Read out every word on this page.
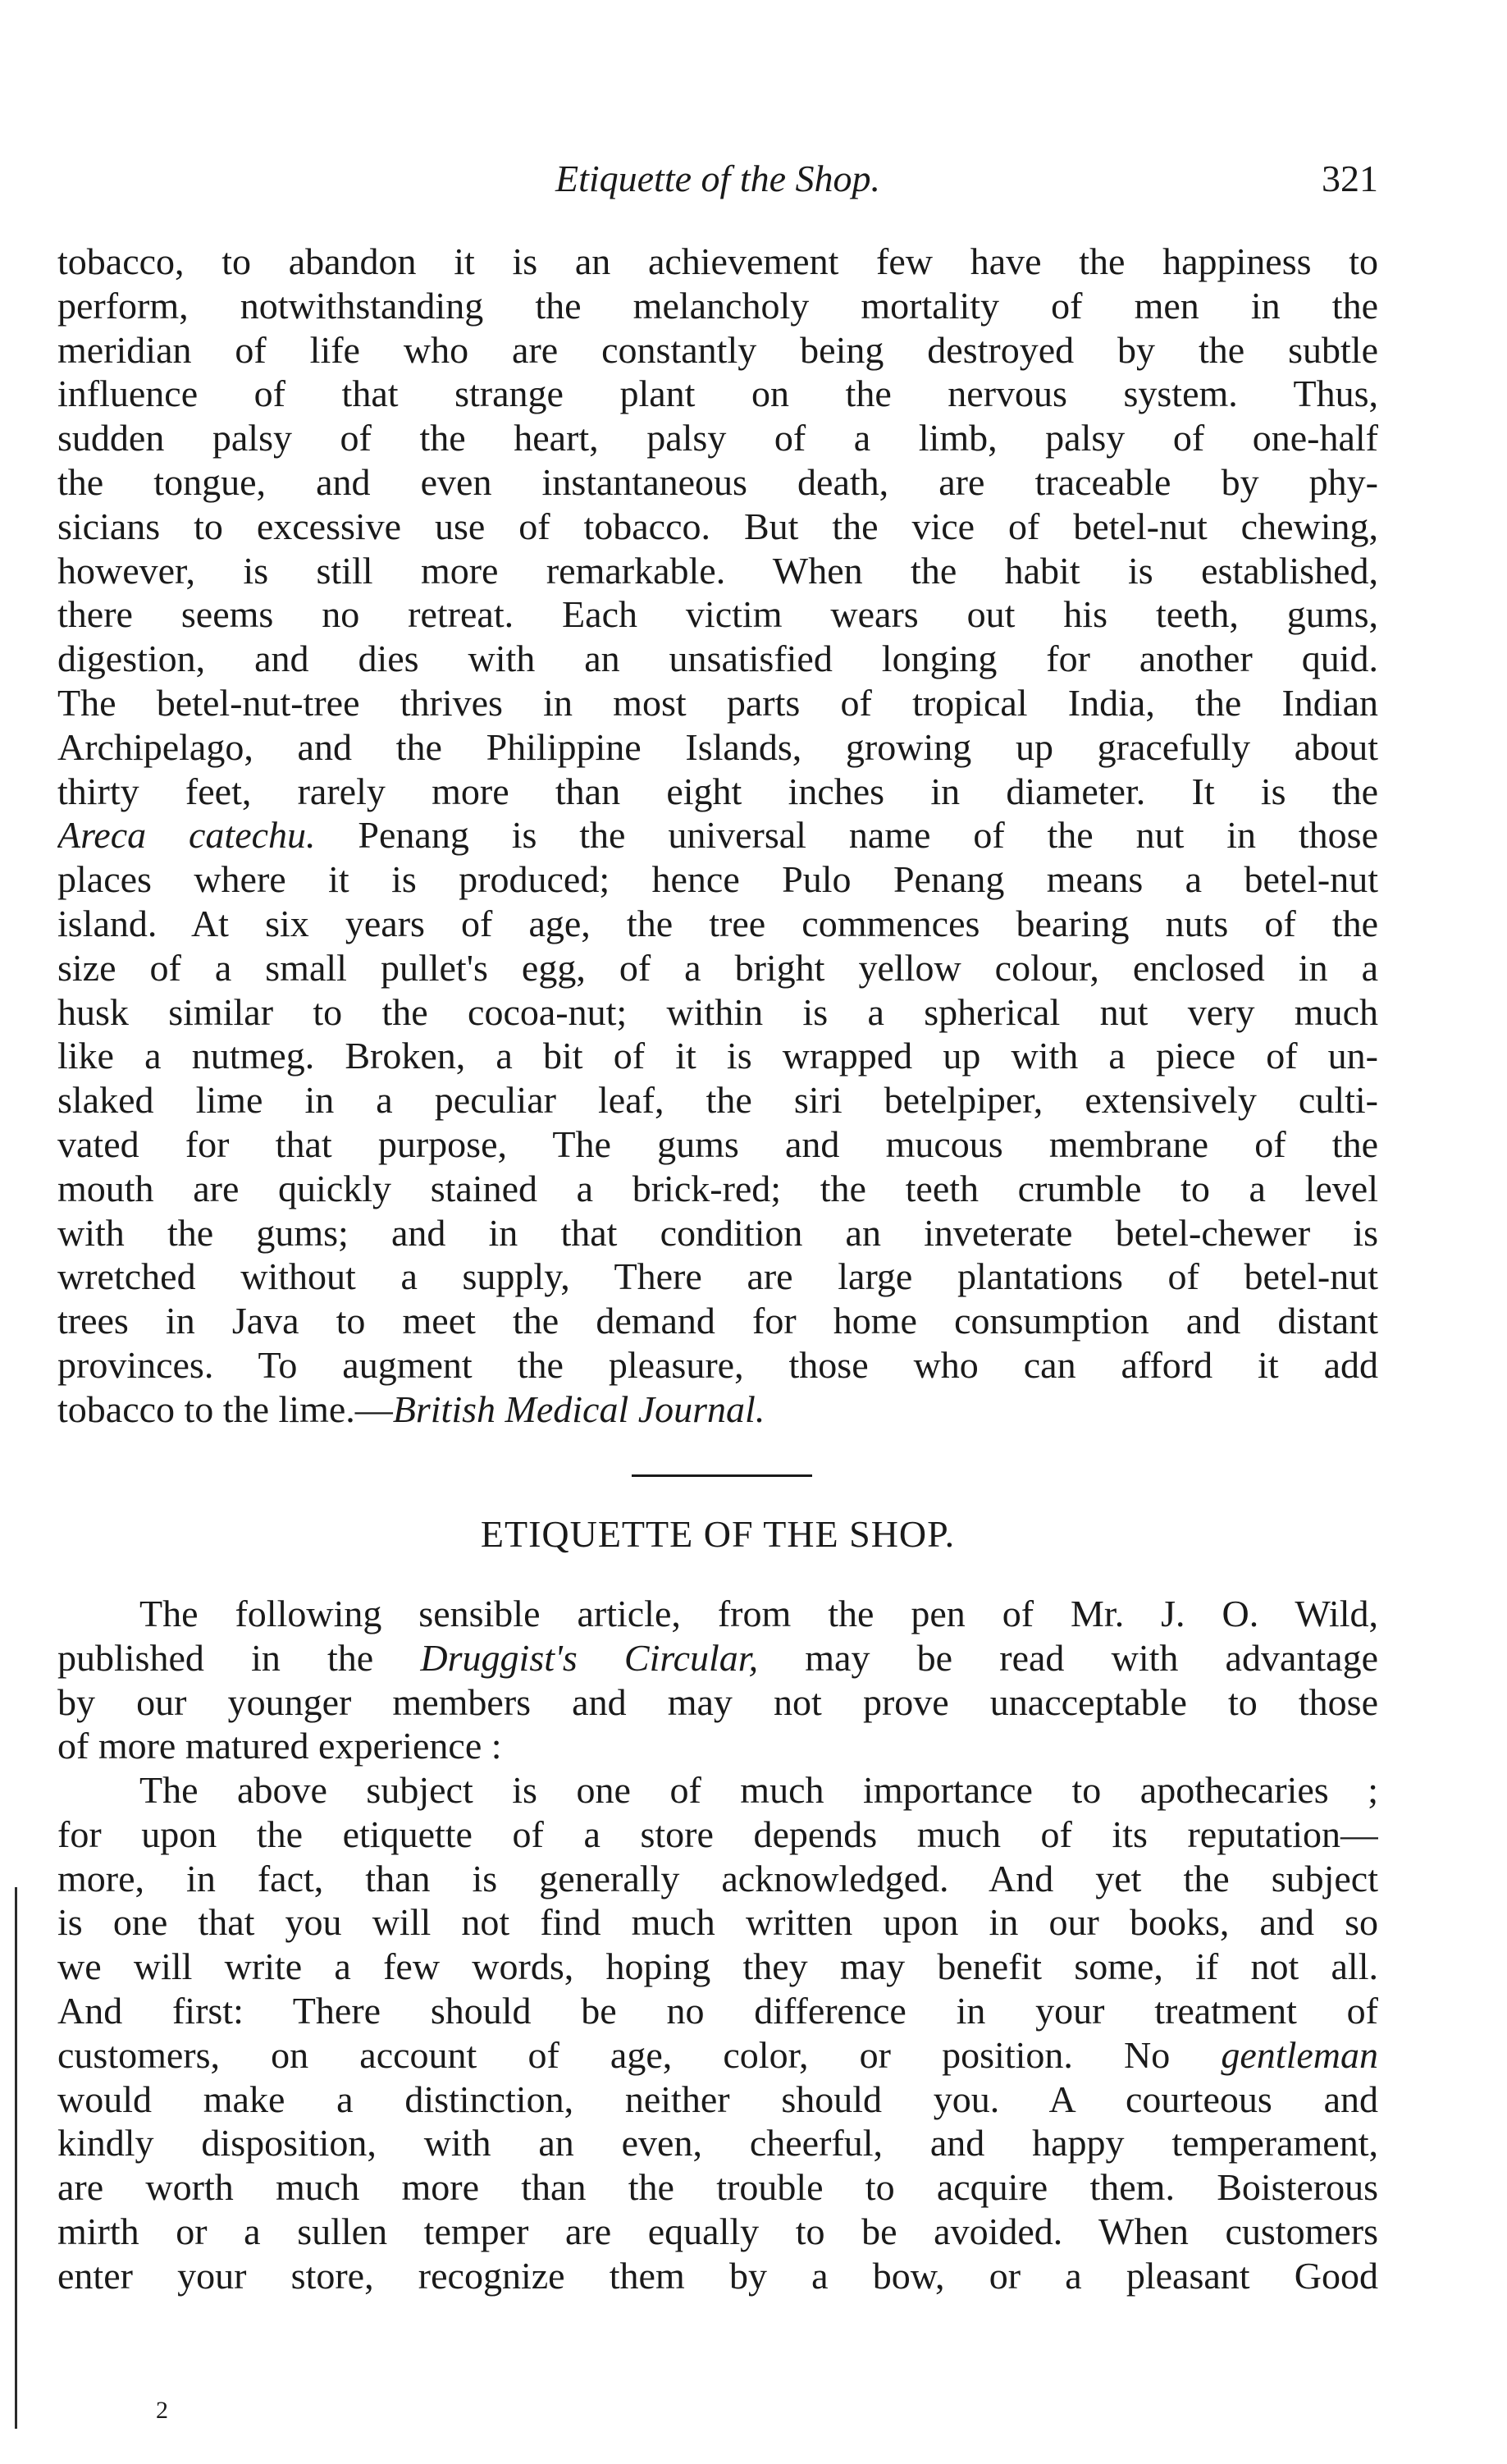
Etiquette of the Shop.	321
tobacco, to abandon it is an achievement few have the happiness to
perform, notwithstanding the melancholy mortality of men in the
meridian of life who are constantly being destroyed by the subtle
influence of that strange plant on the nervous system. Thus,
sudden palsy of the heart, palsy of a limb, palsy of one-half
the tongue, and even instantaneous death, are traceable by phy-
sicians to excessive use of tobacco. But the vice of betel-nut chewing,
however, is still more remarkable. When the habit is established,
there seems no retreat. Each victim wears out his teeth, gums,
digestion, and dies with an unsatisfied longing for another quid.
The betel-nut-tree thrives in most parts of tropical India, the Indian
Archipelago, and the Philippine Islands, growing up gracefully about
thirty feet, rarely more than eight inches in diameter. It is the
Areca catechu. Penang is the universal name of the nut in those
places where it is produced; hence Pulo Penang means a betel-nut
island. At six years of age, the tree commences bearing nuts of the
size of a small pullet's egg, of a bright yellow colour, enclosed in a
husk similar to the cocoa-nut; within is a spherical nut very much
like a nutmeg. Broken, a bit of it is wrapped up with a piece of un-
slaked lime in a peculiar leaf, the siri betelpiper, extensively culti-
vated for that purpose, The gums and mucous membrane of the
mouth are quickly stained a brick-red; the teeth crumble to a level
with the gums; and in that condition an inveterate betel-chewer is
wretched without a supply, There are large plantations of betel-nut
trees in Java to meet the demand for home consumption and distant
provinces. To augment the pleasure, those who can afford it add
tobacco to the lime.—British Medical Journal.
ETIQUETTE OF THE SHOP.
The following sensible article, from the pen of Mr. J. O. Wild,
published in the Druggist's Circular, may be read with advantage
by our younger members and may not prove unacceptable to those
of more matured experience :
The above subject is one of much importance to apothecaries ;
for upon the etiquette of a store depends much of its reputation—
more, in fact, than is generally acknowledged. And yet the subject
is one that you will not find much written upon in our books, and so
we will write a few words, hoping they may benefit some, if not all.
And first: There should be no difference in your treatment of
customers, on account of age, color, or position. No gentleman
would make a distinction, neither should you. A courteous and
kindly disposition, with an even, cheerful, and happy temperament,
are worth much more than the trouble to acquire them. Boisterous
mirth or a sullen temper are equally to be avoided. When customers
enter your store, recognize them by a bow, or a pleasant Good
2
